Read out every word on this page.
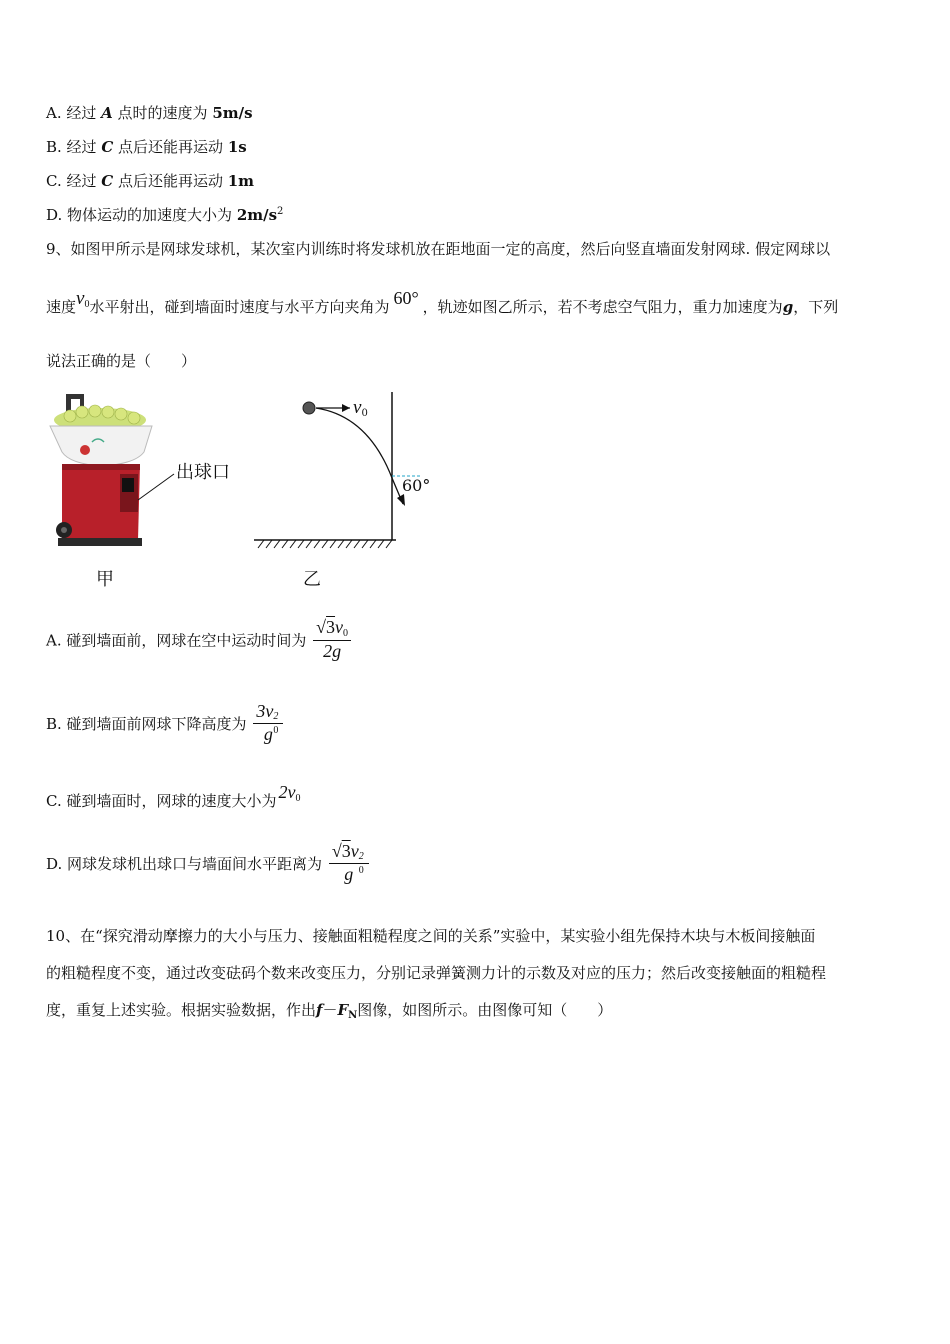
A. 经过 A 点时的速度为 5m/s
B. 经过 C 点后还能再运动 1s
C. 经过 C 点后还能再运动 1m
D. 物体运动的加速度大小为 $2m/s^2$
9、如图甲所示是网球发球机，某次室内训练时将发球机放在距地面一定的高度，然后向竖直墙面发射网球. 假定网球以
速度$v_0$水平射出，碰到墙面时速度与水平方向夹角为 60° ，轨迹如图乙所示，若不考虑空气阻力，重力加速度为g，下列
说法正确的是（　　）
出球口
甲
$v_0$
60°
乙
A. 碰到墙面前，网球在空中运动时间为 $\frac{√3v_0}{2g}$
B. 碰到墙面前网球下降高度为 3v 2
0
g
C. 碰到墙面时，网球的速度大小为 $2v_0$
D. 网球发球机出球口与墙面间水平距离为 √3v 2
0
g
10、在“探究滑动摩擦力的大小与压力、接触面粗糙程度之间的关系”实验中，某实验小组先保持木块与木板间接触面
的粗糙程度不变，通过改变砝码个数来改变压力，分别记录弹簧测力计的示数及对应的压力；然后改变接触面的粗糙程
度，重复上述实验。根据实验数据，作出$f-F_N$图像，如图所示。由图像可知（　　）
